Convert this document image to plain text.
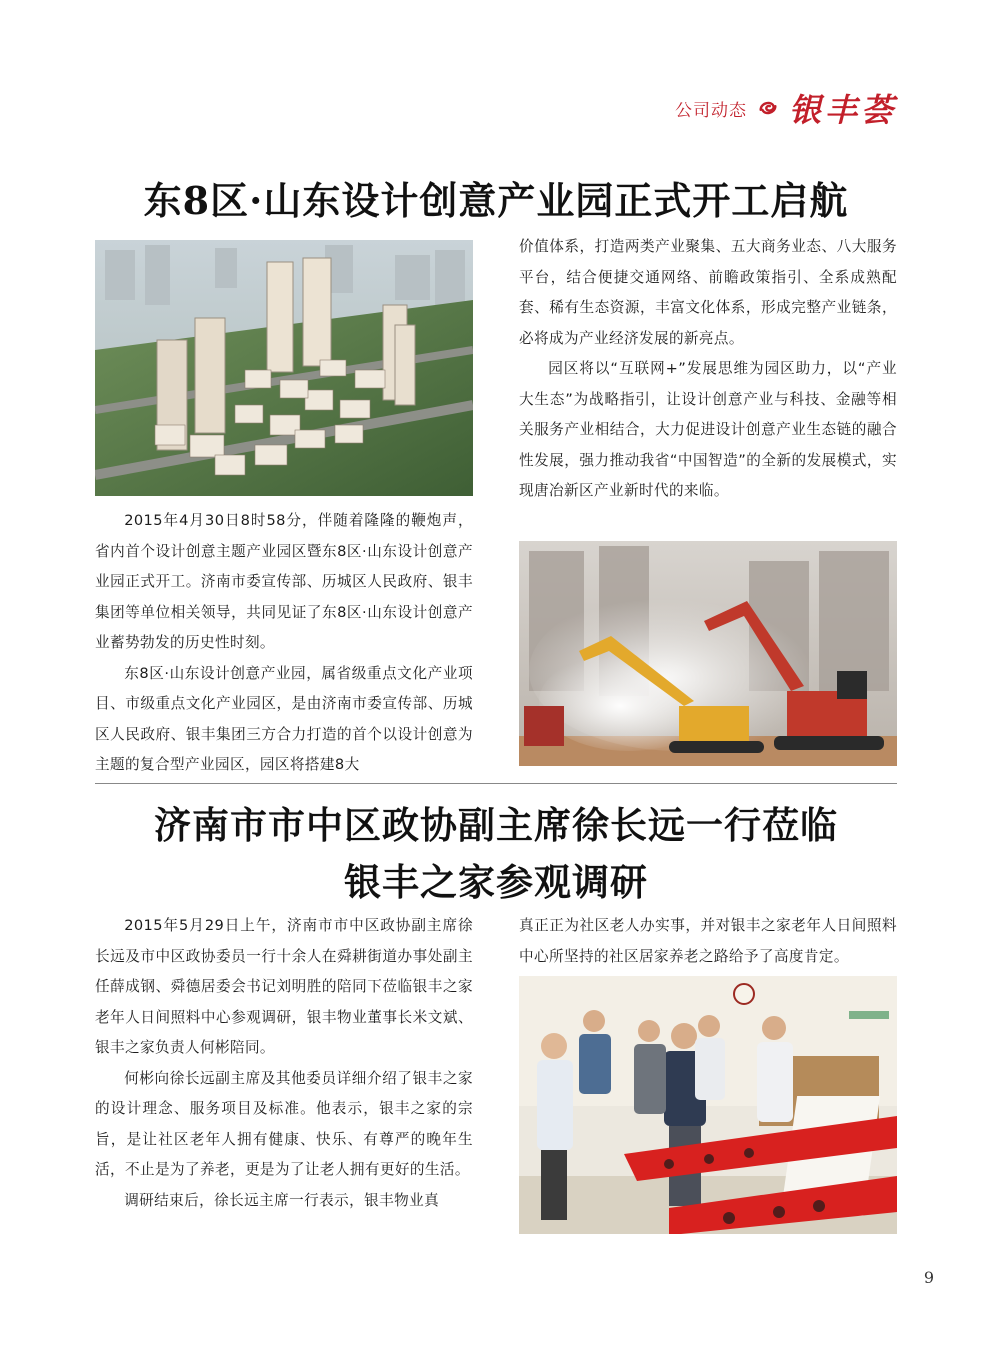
公司动态 银丰荟
东8区·山东设计创意产业园正式开工启航

2015年4月30日8时58分，伴随着隆隆的鞭炮声，省内首个设计创意主题产业园区暨东8区·山东设计创意产业园正式开工。济南市委宣传部、历城区人民政府、银丰集团等单位相关领导，共同见证了东8区·山东设计创意产业蓄势勃发的历史性时刻。

东8区·山东设计创意产业园，属省级重点文化产业项目、市级重点文化产业园区，是由济南市委宣传部、历城区人民政府、银丰集团三方合力打造的首个以设计创意为主题的复合型产业园区，园区将搭建8大

价值体系，打造两类产业聚集、五大商务业态、八大服务平台，结合便捷交通网络、前瞻政策指引、全系成熟配套、稀有生态资源，丰富文化体系，形成完整产业链条，必将成为产业经济发展的新亮点。

园区将以“互联网+”发展思维为园区助力，以“产业大生态”为战略指引，让设计创意产业与科技、金融等相关服务产业相结合，大力促进设计创意产业生态链的融合性发展，强力推动我省“中国智造”的全新的发展模式，实现唐冶新区产业新时代的来临。

济南市市中区政协副主席徐长远一行莅临
银丰之家参观调研

2015年5月29日上午，济南市市中区政协副主席徐长远及市中区政协委员一行十余人在舜耕街道办事处副主任薛成钢、舜德居委会书记刘明胜的陪同下莅临银丰之家老年人日间照料中心参观调研，银丰物业董事长米文斌、银丰之家负责人何彬陪同。

何彬向徐长远副主席及其他委员详细介绍了银丰之家的设计理念、服务项目及标准。他表示，银丰之家的宗旨，是让社区老年人拥有健康、快乐、有尊严的晚年生活，不止是为了养老，更是为了让老人拥有更好的生活。

调研结束后，徐长远主席一行表示，银丰物业真

真正正为社区老人办实事，并对银丰之家老年人日间照料中心所坚持的社区居家养老之路给予了高度肯定。

9
